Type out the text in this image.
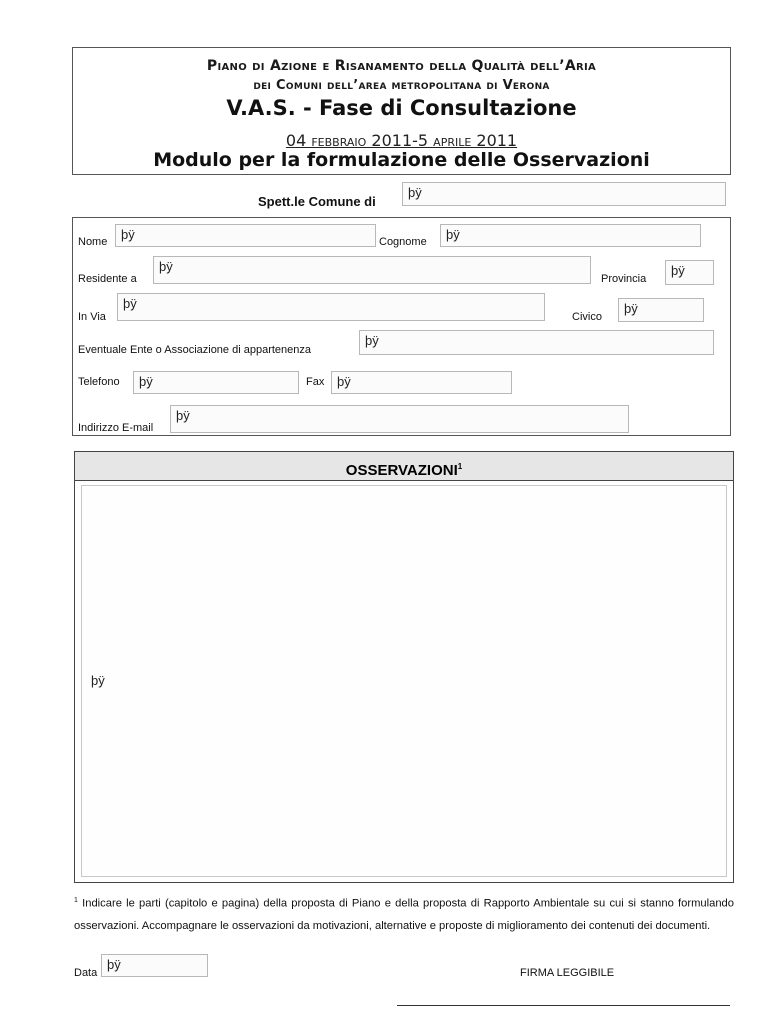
Piano di Azione e Risanamento della Qualità dell’Aria
dei Comuni dell’area metropolitana di Verona
V.A.S. - Fase di Consultazione
04 febbraio 2011-5 aprile 2011
Modulo per la formulazione delle Osservazioni
Spett.le Comune di
þÿ
Nome	þÿ	Cognome	þÿ
Residente a
þÿ
Provincia
þÿ
In Via
þÿ
Civico
þÿ
Eventuale Ente o Associazione di appartenenza
þÿ
Telefono	þÿ	Fax þÿ
Indirizzo E-mail
þÿ
OSSERVAZIONI$^1$
þÿ
$^1$ Indicare le parti (capitolo e pagina) della proposta di Piano e della proposta di Rapporto Ambientale su cui si stanno formulando osservazioni. Accompagnare le osservazioni da motivazioni, alternative e proposte di miglioramento dei contenuti dei documenti.
Data
þÿ
FIRMA LEGGIBILE
